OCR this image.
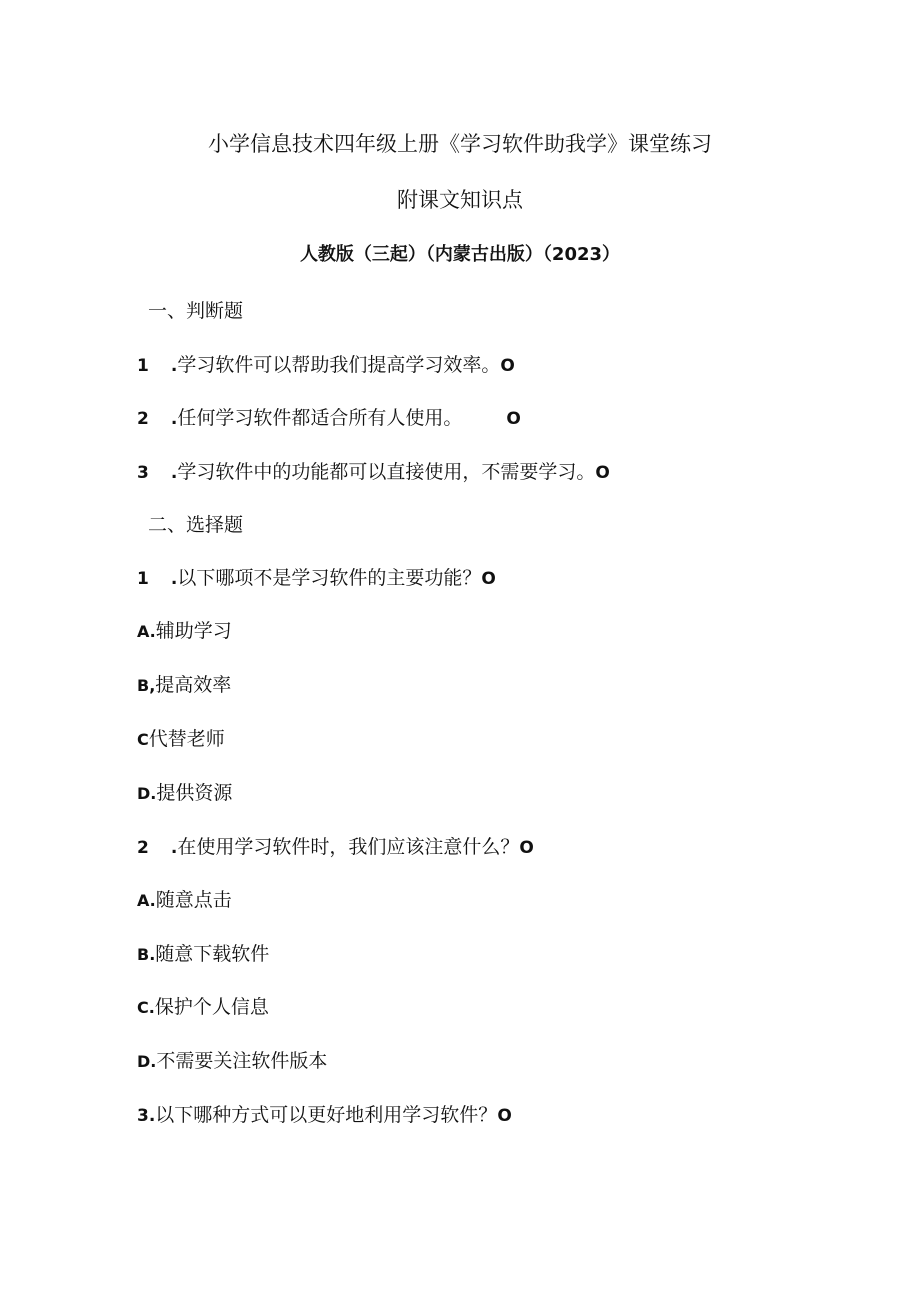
小学信息技术四年级上册《学习软件助我学》课堂练习
附课文知识点
人教版（三起）（内蒙古出版）（2023）
一、判断题
1 .学习软件可以帮助我们提高学习效率。O
2 .任何学习软件都适合所有人使用。	O
3 .学习软件中的功能都可以直接使用，不需要学习。O
二、选择题
1 .以下哪项不是学习软件的主要功能？O
A.辅助学习
B,提高效率
C代替老师
D.提供资源
2 .在使用学习软件时，我们应该注意什么？O
A.随意点击
B.随意下载软件
C.保护个人信息
D.不需要关注软件版本
3.以下哪种方式可以更好地利用学习软件？O
